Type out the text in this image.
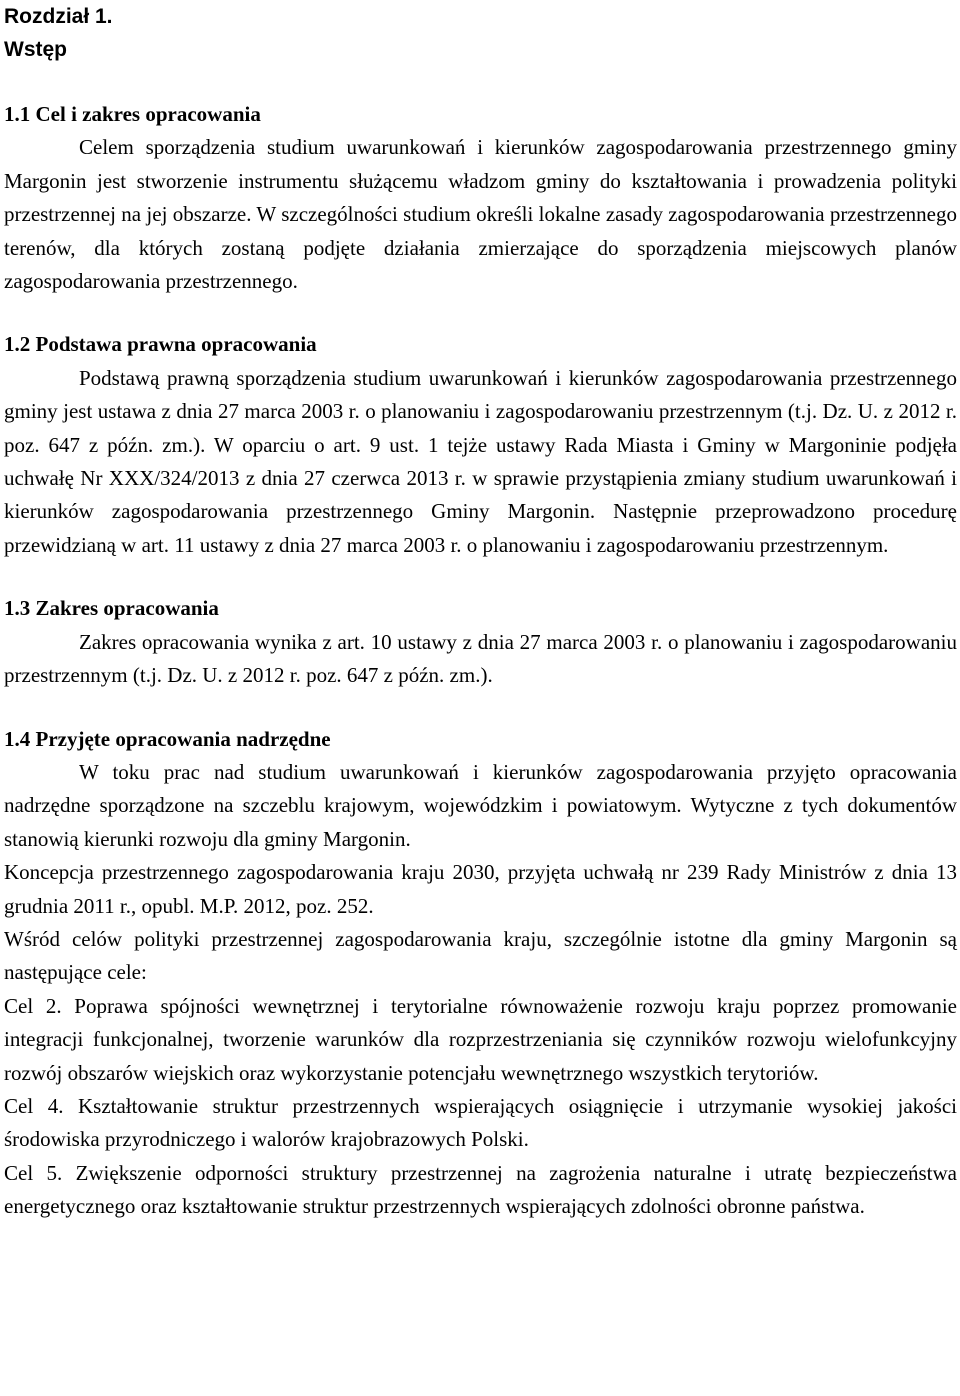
Rozdział 1.
Wstęp
1.1 Cel i zakres opracowania

Celem sporządzenia studium uwarunkowań i kierunków zagospodarowania przestrzennego gminy Margonin jest stworzenie instrumentu służącemu władzom gminy do kształtowania i prowadzenia polityki przestrzennej na jej obszarze. W szczególności studium określi lokalne zasady zagospodarowania przestrzennego terenów, dla których zostaną podjęte działania zmierzające do sporządzenia miejscowych planów zagospodarowania przestrzennego.

1.2 Podstawa prawna opracowania

Podstawą prawną sporządzenia studium uwarunkowań i kierunków zagospodarowania przestrzennego gminy jest ustawa z dnia 27 marca 2003 r. o planowaniu i zagospodarowaniu przestrzennym (t.j. Dz. U. z 2012 r. poz. 647 z późn. zm.). W oparciu o art. 9 ust. 1 tejże ustawy Rada Miasta i Gminy w Margoninie podjęła uchwałę Nr XXX/324/2013 z dnia 27 czerwca 2013 r. w sprawie przystąpienia zmiany studium uwarunkowań i kierunków zagospodarowania przestrzennego Gminy Margonin. Następnie przeprowadzono procedurę przewidzianą w art. 11 ustawy z dnia 27 marca 2003 r. o planowaniu i zagospodarowaniu przestrzennym.

1.3 Zakres opracowania

Zakres opracowania wynika z art. 10 ustawy z dnia 27 marca 2003 r. o planowaniu i zagospodarowaniu przestrzennym (t.j. Dz. U. z 2012 r. poz. 647 z późn. zm.).

1.4 Przyjęte opracowania nadrzędne

W toku prac nad studium uwarunkowań i kierunków zagospodarowania przyjęto opracowania nadrzędne sporządzone na szczeblu krajowym, wojewódzkim i powiatowym. Wytyczne z tych dokumentów stanowią kierunki rozwoju dla gminy Margonin.

Koncepcja przestrzennego zagospodarowania kraju 2030, przyjęta uchwałą nr 239 Rady Ministrów z dnia 13 grudnia 2011 r., opubl. M.P. 2012, poz. 252.

Wśród celów polityki przestrzennej zagospodarowania kraju, szczególnie istotne dla gminy Margonin są następujące cele:

Cel 2. Poprawa spójności wewnętrznej i terytorialne równoważenie rozwoju kraju poprzez promowanie integracji funkcjonalnej, tworzenie warunków dla rozprzestrzeniania się czynników rozwoju wielofunkcyjny rozwój obszarów wiejskich oraz wykorzystanie potencjału wewnętrznego wszystkich terytoriów.

Cel 4. Kształtowanie struktur przestrzennych wspierających osiągnięcie i utrzymanie wysokiej jakości środowiska przyrodniczego i walorów krajobrazowych Polski.

Cel 5. Zwiększenie odporności struktury przestrzennej na zagrożenia naturalne i utratę bezpieczeństwa energetycznego oraz kształtowanie struktur przestrzennych wspierających zdolności obronne państwa.
